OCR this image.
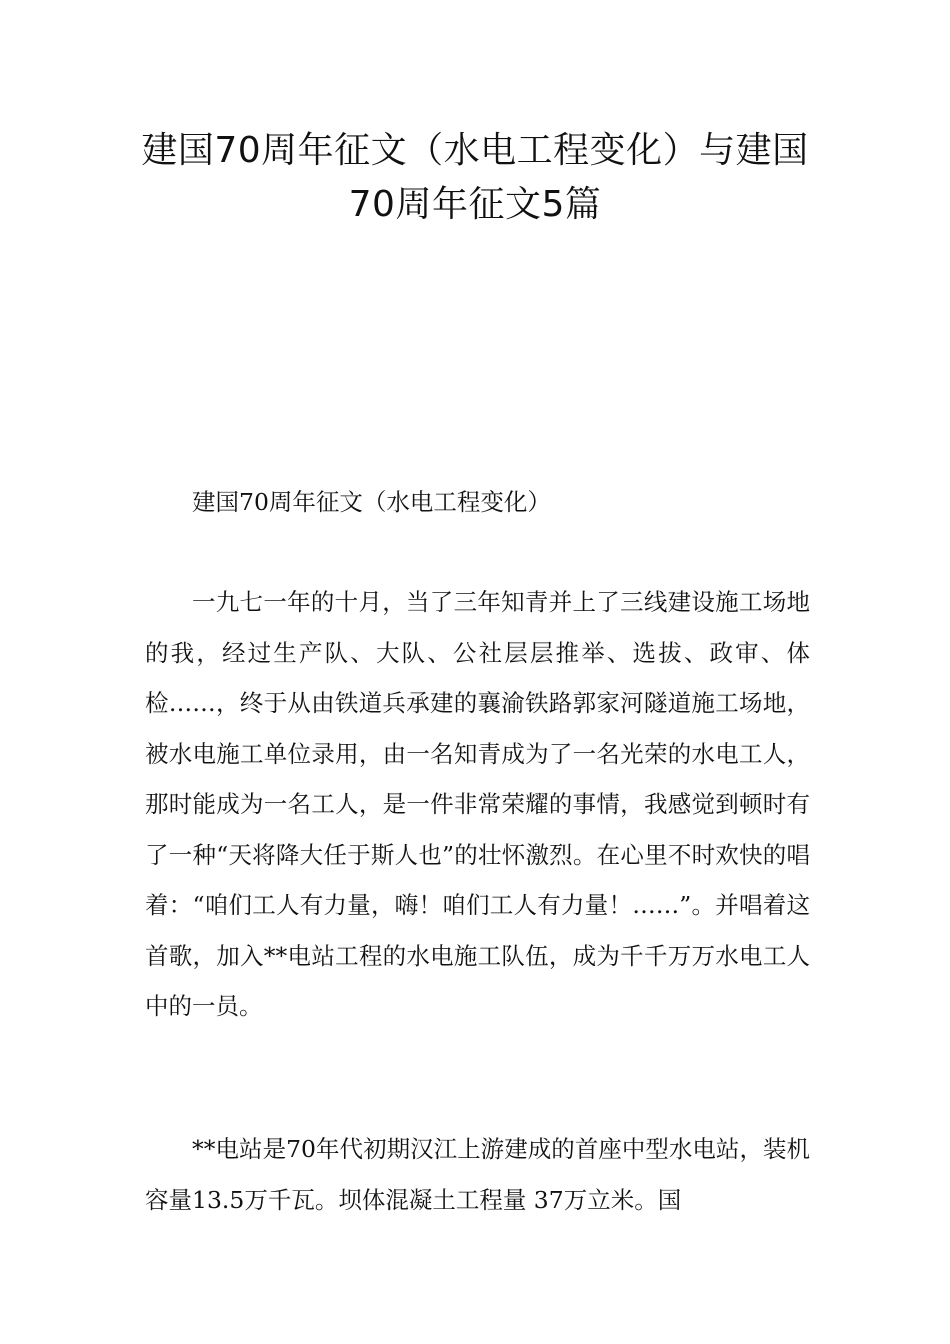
建国70周年征文（水电工程变化）与建国
70周年征文5篇

建国70周年征文（水电工程变化）

一九七一年的十月，当了三年知青并上了三线建设施工场地的我，经过生产队、大队、公社层层推举、选拔、政审、体检……，终于从由铁道兵承建的襄渝铁路郭家河隧道施工场地，被水电施工单位录用，由一名知青成为了一名光荣的水电工人，那时能成为一名工人，是一件非常荣耀的事情，我感觉到顿时有了一种“天将降大任于斯人也”的壮怀激烈。在心里不时欢快的唱着：“咱们工人有力量，嗨！咱们工人有力量！……”。并唱着这首歌，加入**电站工程的水电施工队伍，成为千千万万水电工人中的一员。

**电站是70年代初期汉江上游建成的首座中型水电站，装机容量13.5万千瓦。坝体混凝土工程量 37万立米。国
